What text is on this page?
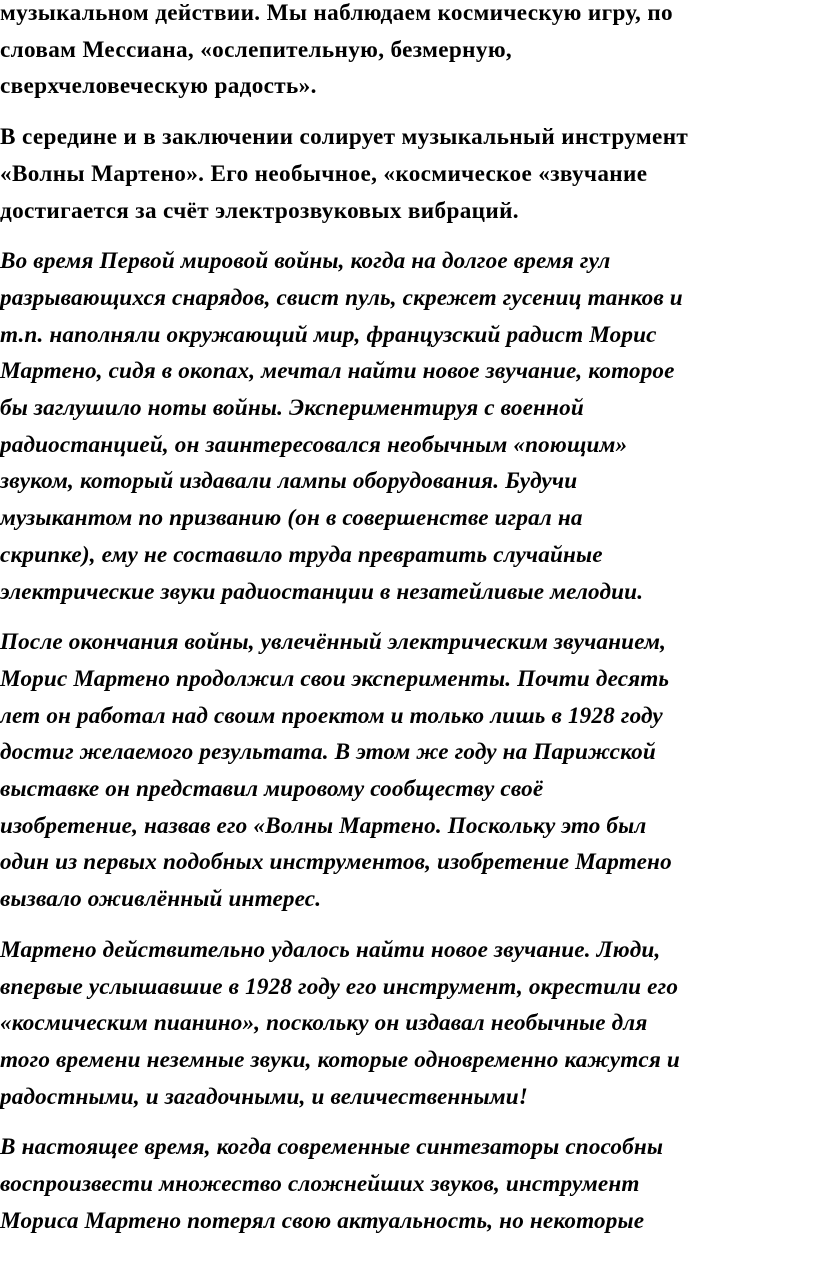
музыкальном действии. Мы наблюдаем космическую игру, по
словам Мессиана, «ослепительную, безмерную,
сверхчеловеческую радость».

В середине и в заключении солирует музыкальный инструмент
«Волны Мартено». Его необычное, «космическое «звучание
достигается за счёт электрозвуковых вибраций.

Во время Первой мировой войны, когда на долгое время гул
разрывающихся снарядов, свист пуль, скрежет гусениц танков и
т.п. наполняли окружающий мир, французский радист Морис
Мартено, сидя в окопах, мечтал найти новое звучание, которое
бы заглушило ноты войны. Экспериментируя с военной
радиостанцией, он заинтересовался необычным «поющим»
звуком, который издавали лампы оборудования. Будучи
музыкантом по призванию (он в совершенстве играл на
скрипке), ему не составило труда превратить случайные
электрические звуки радиостанции в незатейливые мелодии.

После окончания войны, увлечённый электрическим звучанием,
Морис Мартено продолжил свои эксперименты. Почти десять
лет он работал над своим проектом и только лишь в 1928 году
достиг желаемого результата. В этом же году на Парижской
выставке он представил мировому сообществу своё
изобретение, назвав его «Волны Мартено. Поскольку это был
один из первых подобных инструментов, изобретение Мартено
вызвало оживлённый интерес.

Мартено действительно удалось найти новое звучание. Люди,
впервые услышавшие в 1928 году его инструмент, окрестили его
«космическим пианино», поскольку он издавал необычные для
того времени неземные звуки, которые одновременно кажутся и
радостными, и загадочными, и величественными!

В настоящее время, когда современные синтезаторы способны
воспроизвести множество сложнейших звуков, инструмент
Мориса Мартено потерял свою актуальность, но некоторые
